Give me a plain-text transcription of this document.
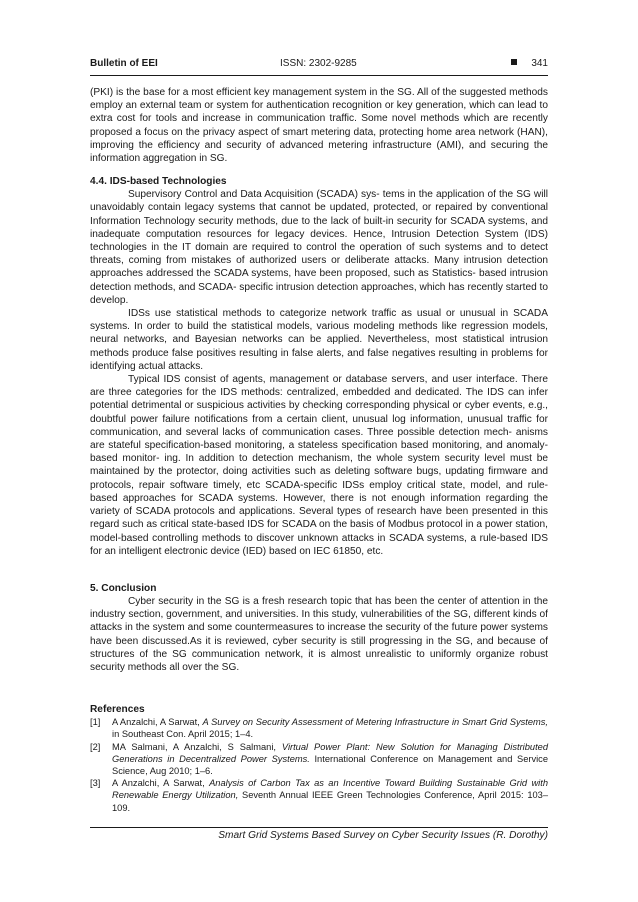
Bulletin of EEI	ISSN: 2302-9285	341

(PKI) is the base for a most efficient key management system in the SG. All of the suggested methods employ an external team or system for authentication recognition or key generation, which can lead to extra cost for tools and increase in communication traffic. Some novel methods which are recently proposed a focus on the privacy aspect of smart metering data, protecting home area network (HAN), improving the efficiency and security of advanced metering infrastructure (AMI), and securing the information aggregation in SG.

4.4. IDS-based Technologies

Supervisory Control and Data Acquisition (SCADA) sys- tems in the application of the SG will unavoidably contain legacy systems that cannot be updated, protected, or repaired by conventional Information Technology security methods, due to the lack of built-in security for SCADA systems, and inadequate computation resources for legacy devices. Hence, Intrusion Detection System (IDS) technologies in the IT domain are required to control the operation of such systems and to detect threats, coming from mistakes of authorized users or deliberate attacks. Many intrusion detection approaches addressed the SCADA systems, have been proposed, such as Statistics- based intrusion detection methods, and SCADA- specific intrusion detection approaches, which has recently started to develop.

IDSs use statistical methods to categorize network traffic as usual or unusual in SCADA systems. In order to build the statistical models, various modeling methods like regression models, neural networks, and Bayesian networks can be applied. Nevertheless, most statistical intrusion methods produce false positives resulting in false alerts, and false negatives resulting in problems for identifying actual attacks.

Typical IDS consist of agents, management or database servers, and user interface. There are three categories for the IDS methods: centralized, embedded and dedicated. The IDS can infer potential detrimental or suspicious activities by checking corresponding physical or cyber events, e.g., doubtful power failure notifications from a certain client, unusual log information, unusual traffic for communication, and several lacks of communication cases. Three possible detection mech- anisms are stateful specification-based monitoring, a stateless specification based monitoring, and anomaly-based monitor- ing. In addition to detection mechanism, the whole system security level must be maintained by the protector, doing activities such as deleting software bugs, updating firmware and protocols, repair software timely, etc SCADA-specific IDSs employ critical state, model, and rule-based approaches for SCADA systems. However, there is not enough information regarding the variety of SCADA protocols and applications. Several types of research have been presented in this regard such as critical state-based IDS for SCADA on the basis of Modbus protocol in a power station, model-based controlling methods to discover unknown attacks in SCADA systems, a rule-based IDS for an intelligent electronic device (IED) based on IEC 61850, etc.

5. Conclusion

Cyber security in the SG is a fresh research topic that has been the center of attention in the industry section, government, and universities. In this study, vulnerabilities of the SG, different kinds of attacks in the system and some countermeasures to increase the security of the future power systems have been discussed.As it is reviewed, cyber security is still progressing in the SG, and because of structures of the SG communication network, it is almost unrealistic to uniformly organize robust security methods all over the SG.

References
[1] A Anzalchi, A Sarwat, A Survey on Security Assessment of Metering Infrastructure in Smart Grid Systems, in Southeast Con. April 2015; 1–4.
[2] MA Salmani, A Anzalchi, S Salmani, Virtual Power Plant: New Solution for Managing Distributed Generations in Decentralized Power Systems. International Conference on Management and Service Science, Aug 2010; 1–6.
[3] A Anzalchi, A Sarwat, Analysis of Carbon Tax as an Incentive Toward Building Sustainable Grid with Renewable Energy Utilization, Seventh Annual IEEE Green Technologies Conference, April 2015: 103–109.
Smart Grid Systems Based Survey on Cyber Security Issues (R. Dorothy)
